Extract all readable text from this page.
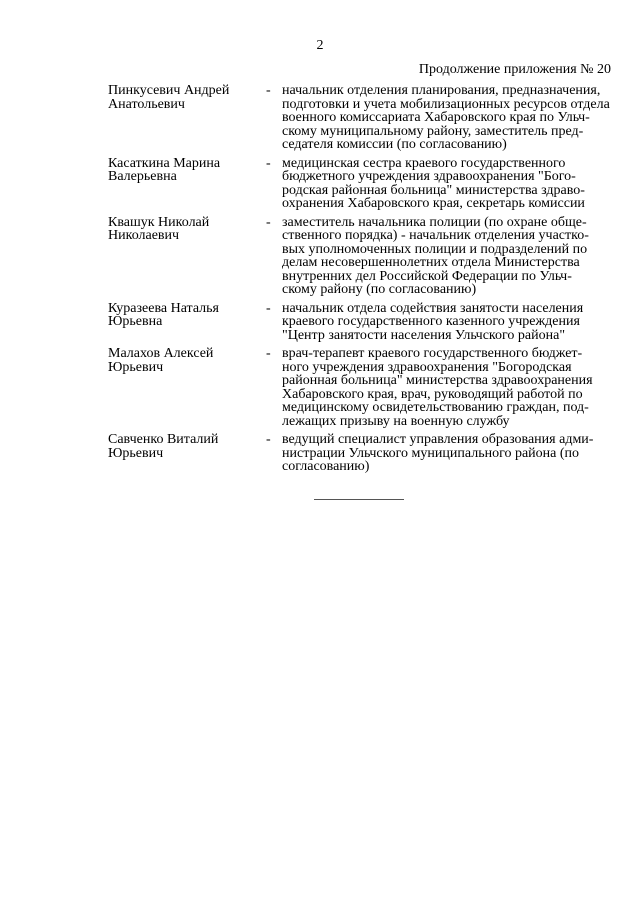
2
Продолжение приложения № 20
Пинкусевич Андрей
Анатольевич
- начальник отделения планирования, предназначения,
подготовки и учета мобилизационных ресурсов отдела
военного комиссариата Хабаровского края по Ульч-
скому муниципальному району, заместитель пред-
седателя комиссии (по согласованию)
Касаткина Марина
Валерьевна
- медицинская сестра краевого государственного
бюджетного учреждения здравоохранения "Бого-
родская районная больница" министерства здраво-
охранения Хабаровского края, секретарь комиссии
Квашук Николай
Николаевич
- заместитель начальника полиции (по охране обще-
ственного порядка) - начальник отделения участко-
вых уполномоченных полиции и подразделений по
делам несовершеннолетних отдела Министерства
внутренних дел Российской Федерации по Ульч-
скому району (по согласованию)
Куразеева Наталья
Юрьевна
- начальник отдела содействия занятости населения
краевого государственного казенного учреждения
"Центр занятости населения Ульчского района"
Малахов Алексей
Юрьевич
- врач-терапевт краевого государственного бюджет-
ного учреждения здравоохранения "Богородская
районная больница" министерства здравоохранения
Хабаровского края, врач, руководящий работой по
медицинскому освидетельствованию граждан, под-
лежащих призыву на военную службу
Савченко Виталий
Юрьевич
- ведущий специалист управления образования адми-
нистрации Ульчского муниципального района (по
согласованию)
